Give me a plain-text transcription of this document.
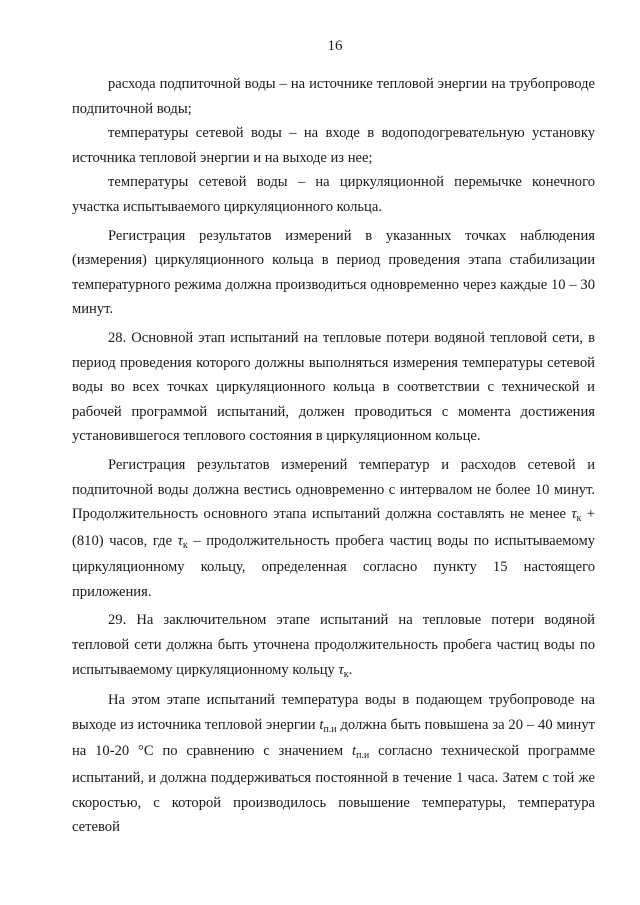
16

расхода подпиточной воды – на источнике тепловой энергии на трубопроводе подпиточной воды;

температуры сетевой воды – на входе в водоподогревательную установку источника тепловой энергии и на выходе из нее;

температуры сетевой воды – на циркуляционной перемычке конечного участка испытываемого циркуляционного кольца.

Регистрация результатов измерений в указанных точках наблюдения (измерения) циркуляционного кольца в период проведения этапа стабилизации температурного режима должна производиться одновременно через каждые 10 – 30 минут.

28. Основной этап испытаний на тепловые потери водяной тепловой сети, в период проведения которого должны выполняться измерения температуры сетевой воды во всех точках циркуляционного кольца в соответствии с технической и рабочей программой испытаний, должен проводиться с момента достижения установившегося теплового состояния в циркуляционном кольце.

Регистрация результатов измерений температур и расходов сетевой и подпиточной воды должна вестись одновременно с интервалом не более 10 минут. Продолжительность основного этапа испытаний должна составлять не менее $\tau_к + (810)$ часов, где $\tau_к$ – продолжительность пробега частиц воды по испытываемому циркуляционному кольцу, определенная согласно пункту 15 настоящего приложения.

29. На заключительном этапе испытаний на тепловые потери водяной тепловой сети должна быть уточнена продолжительность пробега частиц воды по испытываемому циркуляционному кольцу $\tau_к$.

На этом этапе испытаний температура воды в подающем трубопроводе на выходе из источника тепловой энергии $t_{п.и}$ должна быть повышена за 20 – 40 минут на 10-20 °С по сравнению с значением $t_{п.и}$ согласно технической программе испытаний, и должна поддерживаться постоянной в течение 1 часа. Затем с той же скоростью, с которой производилось повышение температуры, температура сетевой
